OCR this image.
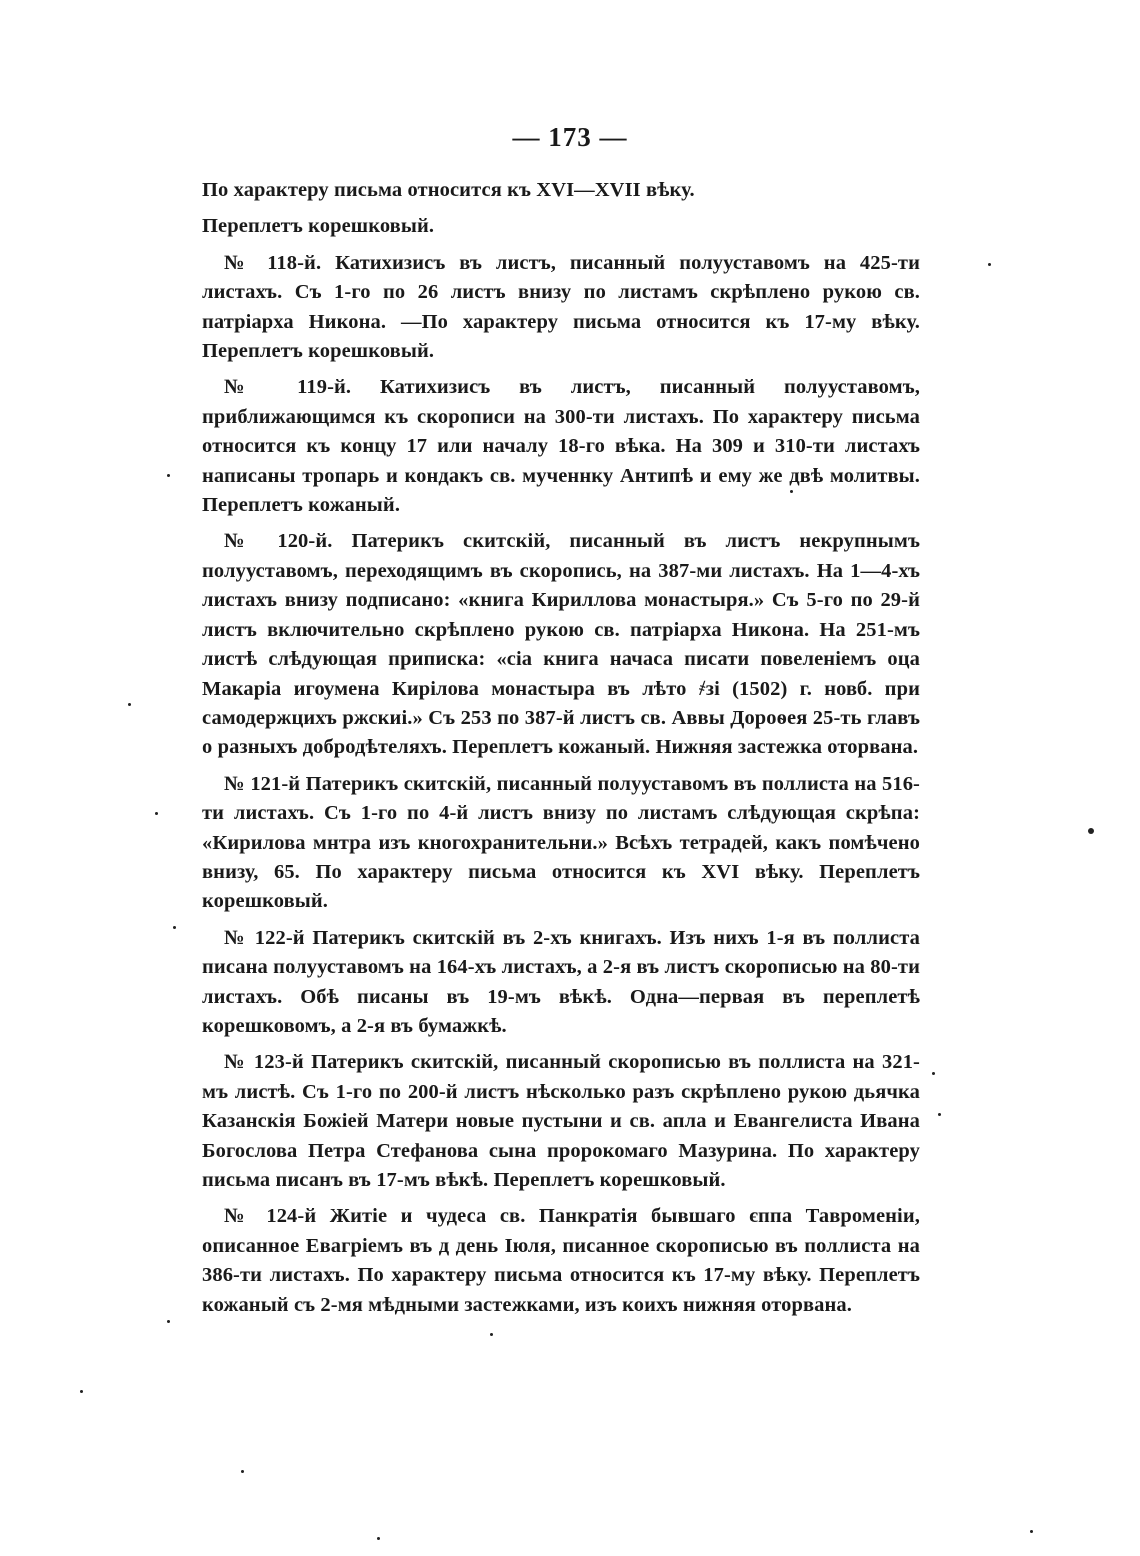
— 173 —

По характеру письма относится къ XVI—XVII вѣку.

Переплетъ корешковый.

№ 118-й. Катихизисъ въ листъ, писанный полууставомъ на 425-ти листахъ. Съ 1-го по 26 листъ внизу по листамъ скрѣплено рукою св. патріарха Никона. —По характеру письма относится къ 17-му вѣку. Переплетъ корешковый.

№ 119-й. Катихизисъ въ листъ, писанный полууставомъ, приближающимся къ скорописи на 300-ти листахъ. По характеру письма относится къ концу 17 или началу 18-го вѣка. На 309 и 310-ти листахъ написаны тропарь и кондакъ св. мученнку Антипѣ и ему же двѣ молитвы. Переплетъ кожаный.

№ 120-й. Патерикъ скитскій, писанный въ листъ некрупнымъ полууставомъ, переходящимъ въ скоропись, на 387-ми листахъ. На 1—4-хъ листахъ внизу подписано: «книга Кириллова монастыря.» Съ 5-го по 29-й листъ включительно скрѣплено рукою св. патріарха Никона. На 251-мъ листѣ слѣдующая приписка: «сіа книга начаса писати повеленіемъ оца Макаріа игоумена Кирілова монастыра въ лѣто ҂зі (1502) г. новб. при самодержцихъ ржскиі.» Съ 253 по 387-й листъ св. Аввы Дороѳея 25-ть главъ о разныхъ добродѣтеляхъ. Переплетъ кожаный. Нижняя застежка оторвана.

№ 121-й Патерикъ скитскій, писанный полууставомъ въ поллиста на 516-ти листахъ. Съ 1-го по 4-й листъ внизу по листамъ слѣдующая скрѣпа: «Кирилова мнтра изъ кногохранительни.» Всѣхъ тетрадей, какъ помѣчено внизу, 65. По характеру письма относится къ XVI вѣку. Переплетъ корешковый.

№ 122-й Патерикъ скитскій въ 2-хъ книгахъ. Изъ нихъ 1-я въ поллиста писана полууставомъ на 164-хъ листахъ, а 2-я въ листъ скорописью на 80-ти листахъ. Обѣ писаны въ 19-мъ вѣкѣ. Одна—первая въ переплетѣ корешковомъ, а 2-я въ бумажкѣ.

№ 123-й Патерикъ скитскій, писанный скорописью въ поллиста на 321-мъ листѣ. Съ 1-го по 200-й листъ нѣсколько разъ скрѣплено рукою дьячка Казанскія Божіей Матери новые пустыни и св. апла и Евангелиста Ивана Богослова Петра Стефанова сына пророкомаго Мазурина. По характеру письма писанъ въ 17-мъ вѣкѣ. Переплетъ корешковый.

№ 124-й Житіе и чудеса св. Панкратія бывшаго єппа Тавроменіи, описанное Евагріемъ въ д день Іюля, писанное скорописью въ поллиста на 386-ти листахъ. По характеру письма относится къ 17-му вѣку. Переплетъ кожаный съ 2-мя мѣдными застежками, изъ коихъ нижняя оторвана.
